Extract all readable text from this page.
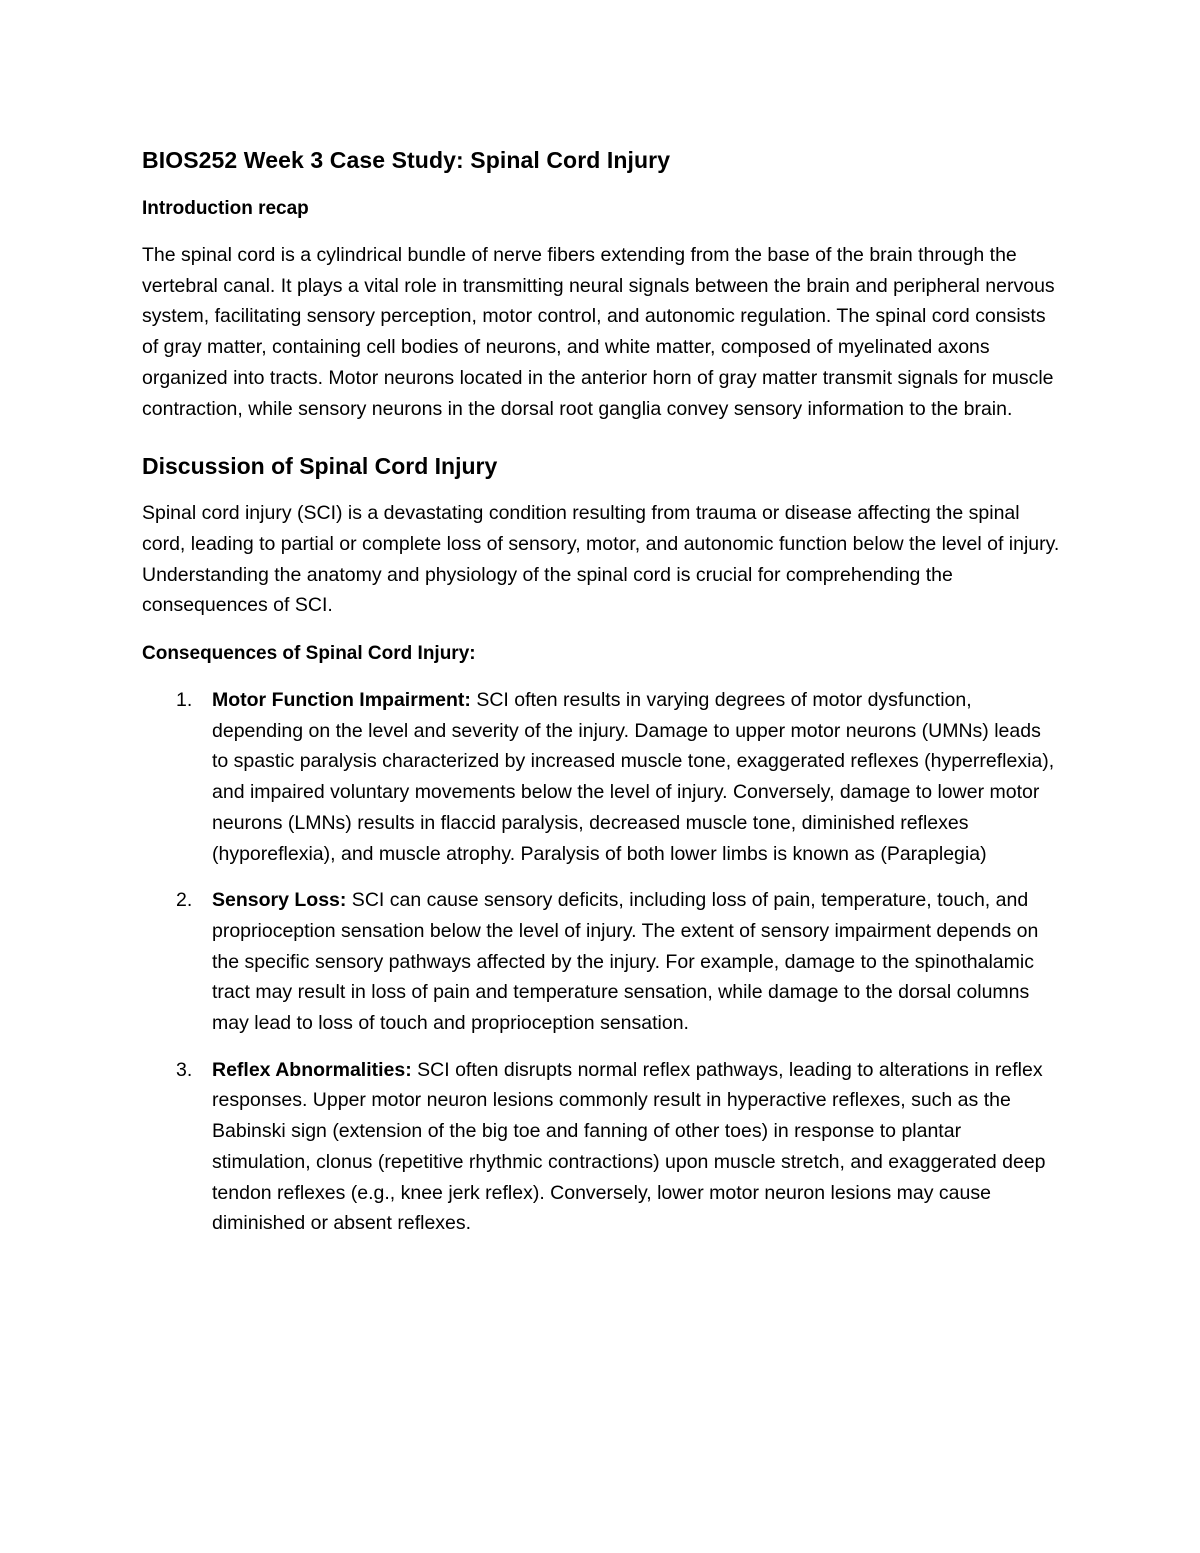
BIOS252 Week 3 Case Study: Spinal Cord Injury
Introduction recap

The spinal cord is a cylindrical bundle of nerve fibers extending from the base of the brain through the vertebral canal. It plays a vital role in transmitting neural signals between the brain and peripheral nervous system, facilitating sensory perception, motor control, and autonomic regulation. The spinal cord consists of gray matter, containing cell bodies of neurons, and white matter, composed of myelinated axons organized into tracts. Motor neurons located in the anterior horn of gray matter transmit signals for muscle contraction, while sensory neurons in the dorsal root ganglia convey sensory information to the brain.

Discussion of Spinal Cord Injury

Spinal cord injury (SCI) is a devastating condition resulting from trauma or disease affecting the spinal cord, leading to partial or complete loss of sensory, motor, and autonomic function below the level of injury. Understanding the anatomy and physiology of the spinal cord is crucial for comprehending the consequences of SCI.

Consequences of Spinal Cord Injury:
1. Motor Function Impairment: SCI often results in varying degrees of motor dysfunction, depending on the level and severity of the injury. Damage to upper motor neurons (UMNs) leads to spastic paralysis characterized by increased muscle tone, exaggerated reflexes (hyperreflexia), and impaired voluntary movements below the level of injury. Conversely, damage to lower motor neurons (LMNs) results in flaccid paralysis, decreased muscle tone, diminished reflexes (hyporeflexia), and muscle atrophy. Paralysis of both lower limbs is known as (Paraplegia)
2. Sensory Loss: SCI can cause sensory deficits, including loss of pain, temperature, touch, and proprioception sensation below the level of injury. The extent of sensory impairment depends on the specific sensory pathways affected by the injury. For example, damage to the spinothalamic tract may result in loss of pain and temperature sensation, while damage to the dorsal columns may lead to loss of touch and proprioception sensation.
3. Reflex Abnormalities: SCI often disrupts normal reflex pathways, leading to alterations in reflex responses. Upper motor neuron lesions commonly result in hyperactive reflexes, such as the Babinski sign (extension of the big toe and fanning of other toes) in response to plantar stimulation, clonus (repetitive rhythmic contractions) upon muscle stretch, and exaggerated deep tendon reflexes (e.g., knee jerk reflex). Conversely, lower motor neuron lesions may cause diminished or absent reflexes.
